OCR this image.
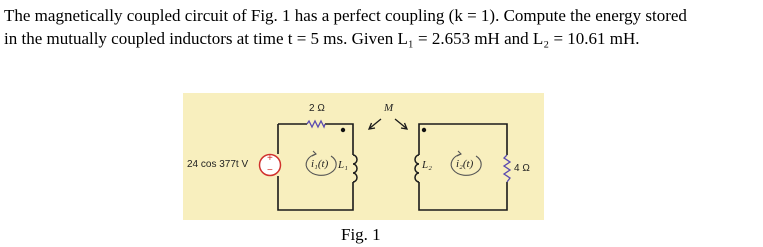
The magnetically coupled circuit of Fig. 1 has a perfect coupling (k = 1). Compute the energy stored
in the mutually coupled inductors at time t = 5 ms. Given L₁ = 2.653 mH and L₂ = 10.61 mH.
2 Ω	M
24 cos 377t V
+
−
i₁(t) L₁	L₂ i₂(t)	4 Ω
Fig. 1
